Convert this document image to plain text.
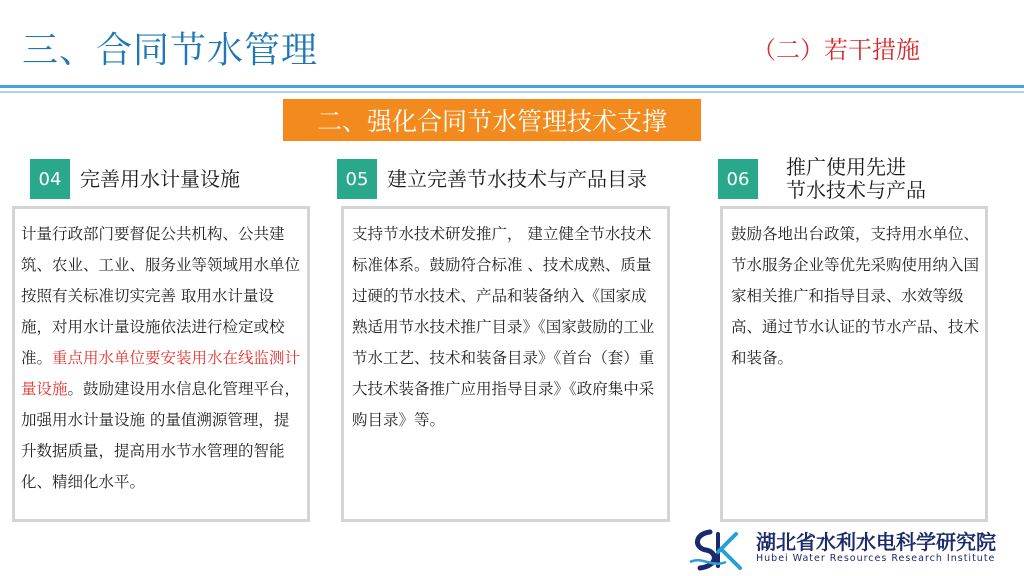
三、合同节水管理	（二）若干措施
二、强化合同节水管理技术支撑
04 完善用水计量设施
计量行政部门要督促公共机构、公共建筑、农业、工业、服务业等领域用水单位按照有关标准切实完善 取用水计量设施，对用水计量设施依法进行检定或校准。重点用水单位要安装用水在线监测计量设施。鼓励建设用水信息化管理平台，加强用水计量设施 的量值溯源管理，提升数据质量，提高用水节水管理的智能化、精细化水平。
05 建立完善节水技术与产品目录
支持节水技术研发推广， 建立健全节水技术标准体系。鼓励符合标准 、技术成熟、质量过硬的节水技术、产品和装备纳入《国家成熟适用节水技术推广目录》《国家鼓励的工业节水工艺、技术和装备目录》《首台（套）重大技术装备推广应用指导目录》《政府集中采购目录》等。
06	推广使用先进
节水技术与产品
鼓励各地出台政策，支持用水单位、节水服务企业等优先采购使用纳入国家相关推广和指导目录、水效等级高、通过节水认证的节水产品、技术和装备。
湖北省水利水电科学研究院
Hubei Water Resources Research Institute
